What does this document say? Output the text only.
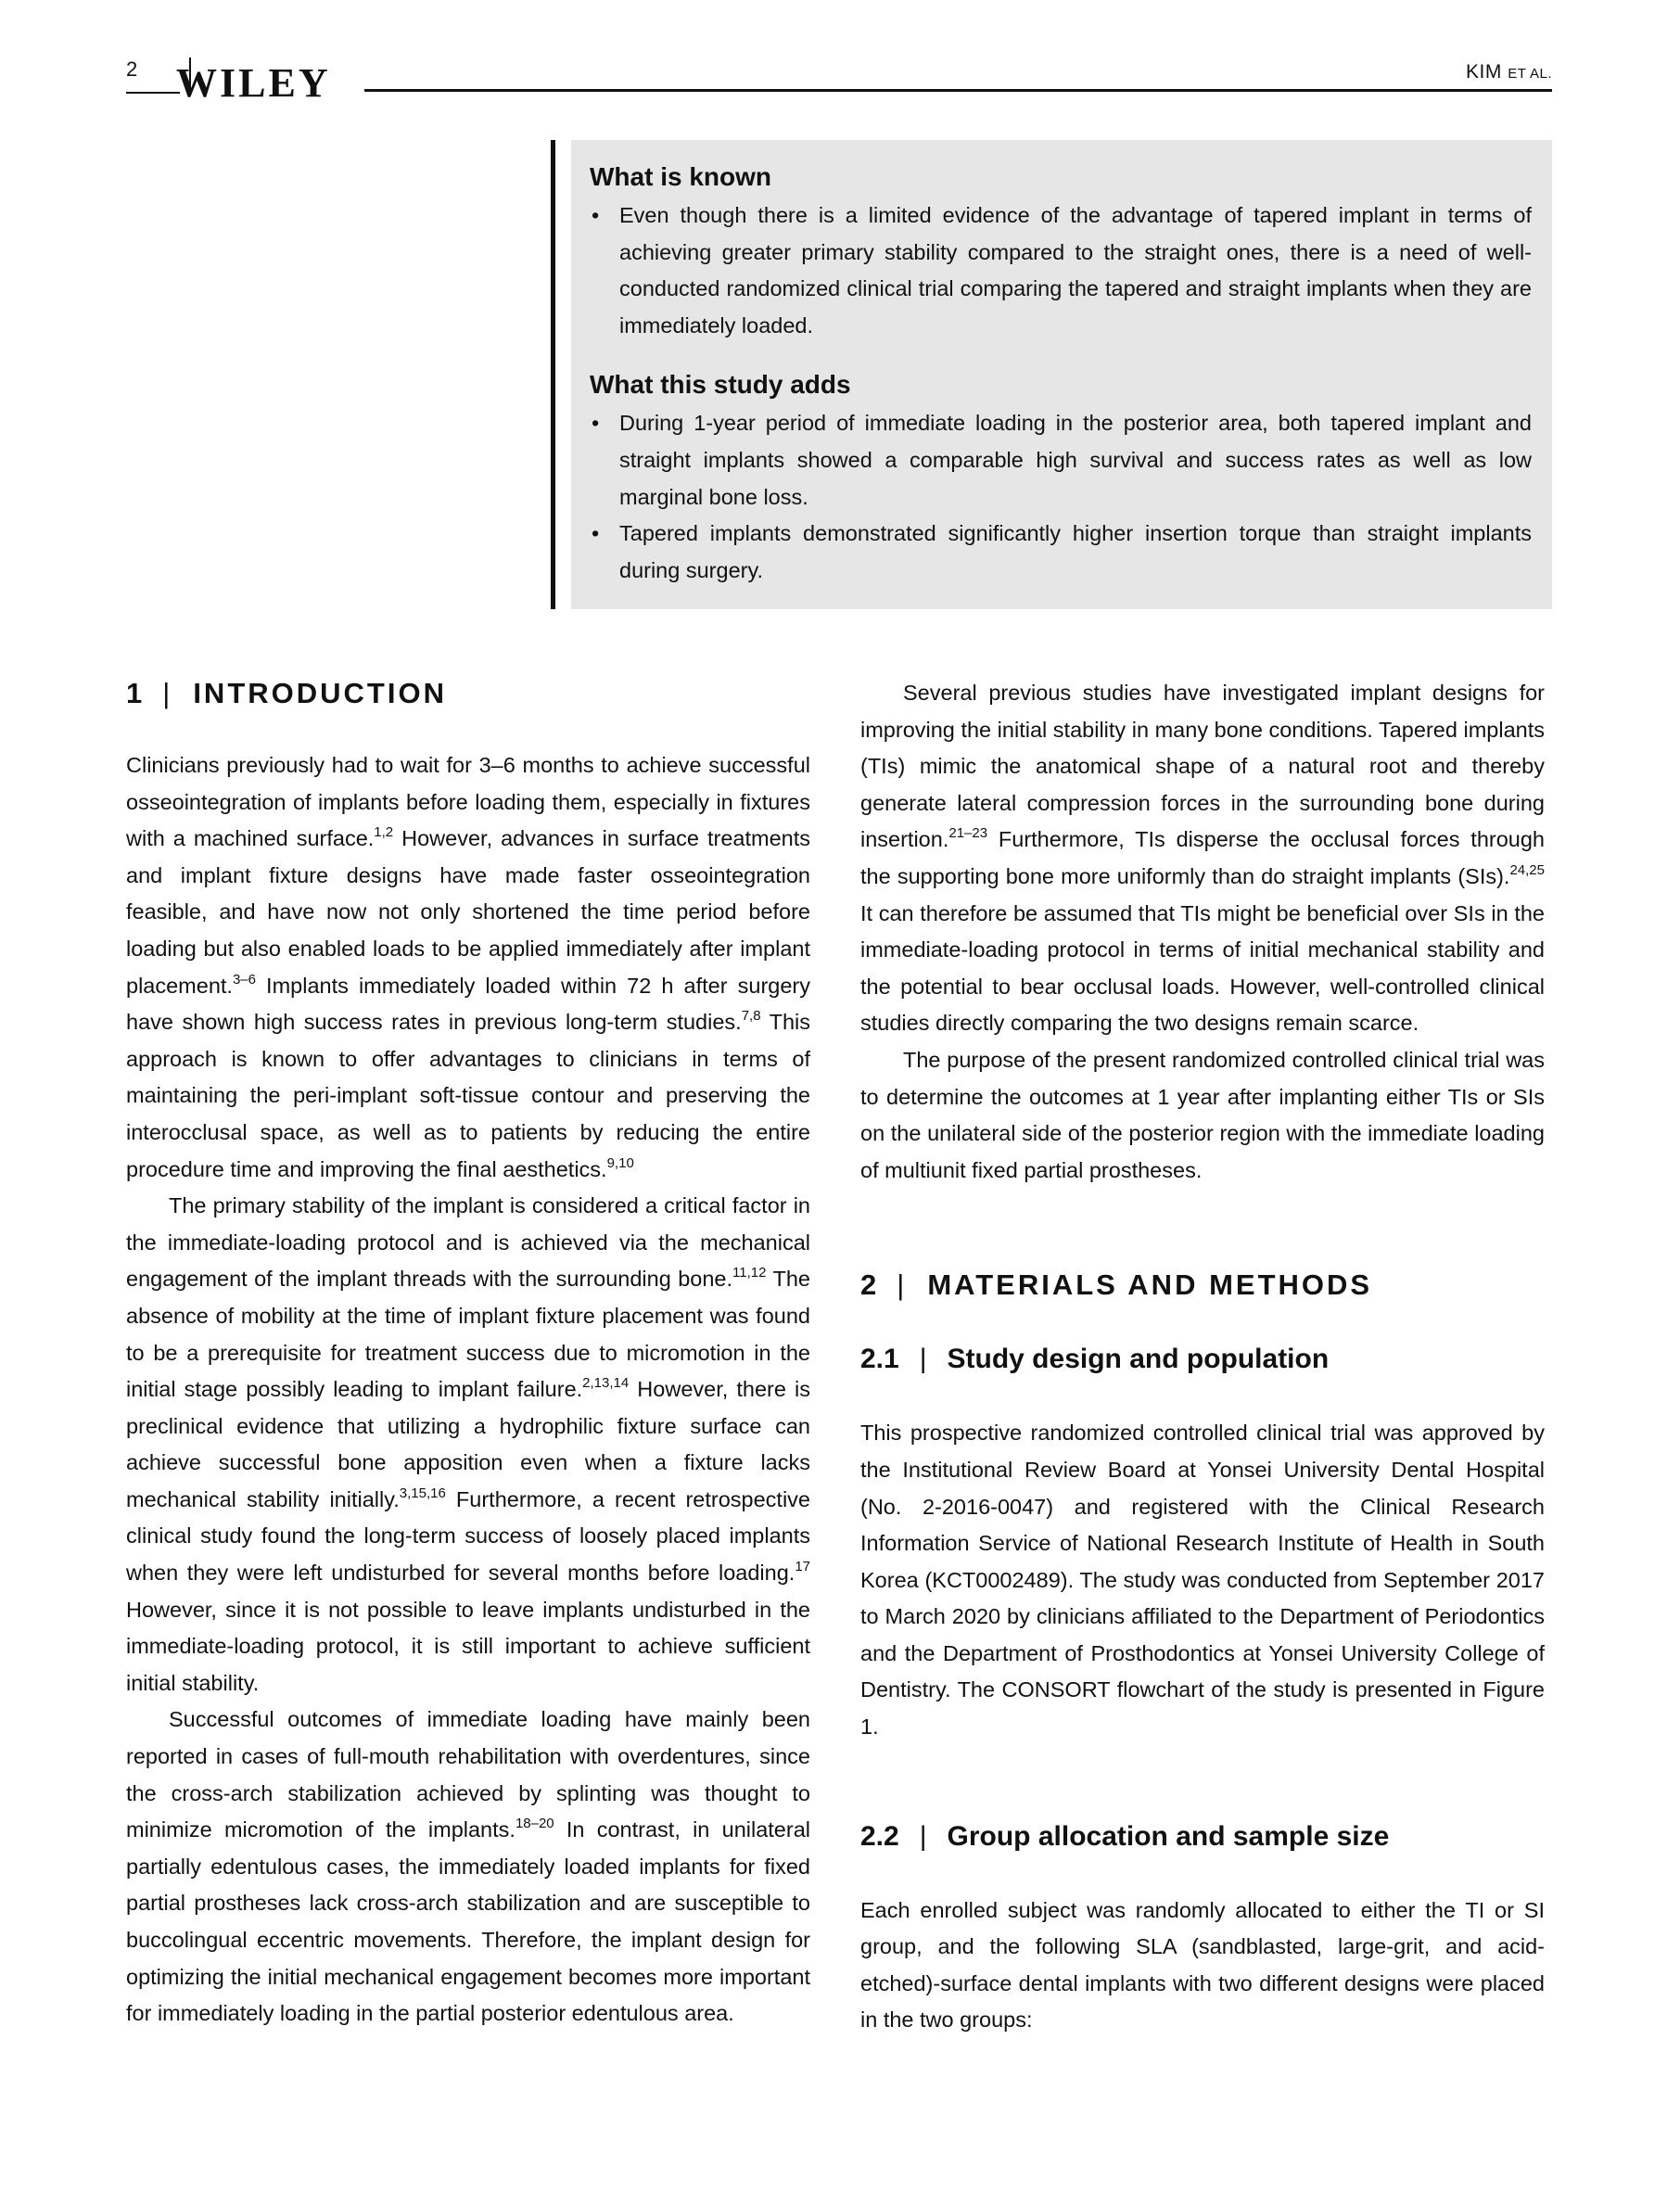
2 WILEY	KIM ET AL.
What is known
• Even though there is a limited evidence of the advantage of tapered implant in terms of achieving greater primary stability compared to the straight ones, there is a need of well-conducted randomized clinical trial comparing the tapered and straight implants when they are immediately loaded.
What this study adds
• During 1-year period of immediate loading in the posterior area, both tapered implant and straight implants showed a comparable high survival and success rates as well as low marginal bone loss.
• Tapered implants demonstrated significantly higher insertion torque than straight implants during surgery.
1 | INTRODUCTION

Clinicians previously had to wait for 3–6 months to achieve successful osseointegration of implants before loading them, especially in fixtures with a machined surface.$^{1,2}$ However, advances in surface treatments and implant fixture designs have made faster osseointegration feasible, and have now not only shortened the time period before loading but also enabled loads to be applied immediately after implant placement.$^{3-6}$ Implants immediately loaded within 72 h after surgery have shown high success rates in previous long-term studies.$^{7,8}$ This approach is known to offer advantages to clinicians in terms of maintaining the peri-implant soft-tissue contour and preserving the interocclusal space, as well as to patients by reducing the entire procedure time and improving the final aesthetics.$^{9,10}$

The primary stability of the implant is considered a critical factor in the immediate-loading protocol and is achieved via the mechanical engagement of the implant threads with the surrounding bone.$^{11,12}$ The absence of mobility at the time of implant fixture placement was found to be a prerequisite for treatment success due to micromotion in the initial stage possibly leading to implant failure.$^{2,13,14}$ However, there is preclinical evidence that utilizing a hydrophilic fixture surface can achieve successful bone apposition even when a fixture lacks mechanical stability initially.$^{3,15,16}$ Furthermore, a recent retrospective clinical study found the long-term success of loosely placed implants when they were left undisturbed for several months before loading.$^{17}$ However, since it is not possible to leave implants undisturbed in the immediate-loading protocol, it is still important to achieve sufficient initial stability.

Successful outcomes of immediate loading have mainly been reported in cases of full-mouth rehabilitation with overdentures, since the cross-arch stabilization achieved by splinting was thought to minimize micromotion of the implants.$^{18-20}$ In contrast, in unilateral partially edentulous cases, the immediately loaded implants for fixed partial prostheses lack cross-arch stabilization and are susceptible to buccolingual eccentric movements. Therefore, the implant design for optimizing the initial mechanical engagement becomes more important for immediately loading in the partial posterior edentulous area.

Several previous studies have investigated implant designs for improving the initial stability in many bone conditions. Tapered implants (TIs) mimic the anatomical shape of a natural root and thereby generate lateral compression forces in the surrounding bone during insertion.$^{21-23}$ Furthermore, TIs disperse the occlusal forces through the supporting bone more uniformly than do straight implants (SIs).$^{24,25}$ It can therefore be assumed that TIs might be beneficial over SIs in the immediate-loading protocol in terms of initial mechanical stability and the potential to bear occlusal loads. However, well-controlled clinical studies directly comparing the two designs remain scarce.

The purpose of the present randomized controlled clinical trial was to determine the outcomes at 1 year after implanting either TIs or SIs on the unilateral side of the posterior region with the immediate loading of multiunit fixed partial prostheses.

2 | MATERIALS AND METHODS
2.1 | Study design and population

This prospective randomized controlled clinical trial was approved by the Institutional Review Board at Yonsei University Dental Hospital (No. 2-2016-0047) and registered with the Clinical Research Information Service of National Research Institute of Health in South Korea (KCT0002489). The study was conducted from September 2017 to March 2020 by clinicians affiliated to the Department of Periodontics and the Department of Prosthodontics at Yonsei University College of Dentistry. The CONSORT flowchart of the study is presented in Figure 1.

2.2 | Group allocation and sample size

Each enrolled subject was randomly allocated to either the TI or SI group, and the following SLA (sandblasted, large-grit, and acid-etched)-surface dental implants with two different designs were placed in the two groups:
